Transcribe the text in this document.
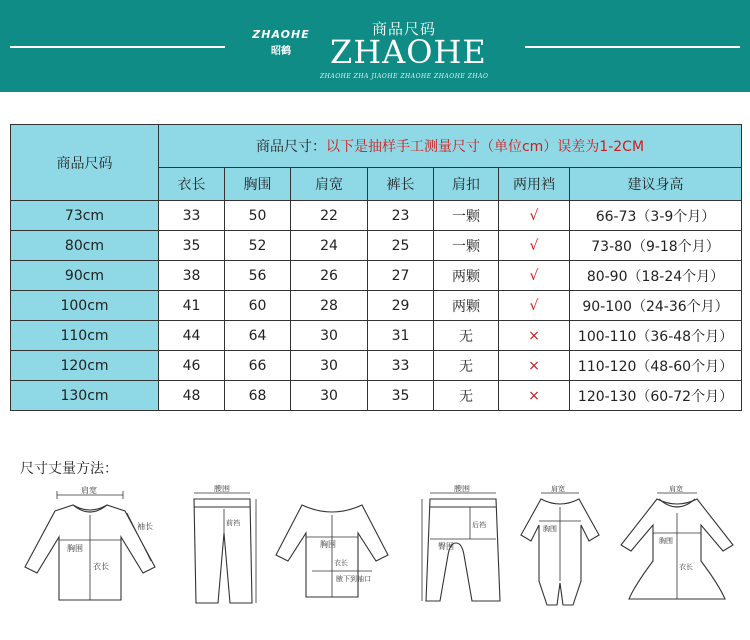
ZHAOHE
昭鹤
商品尺码
ZHAOHE
ZHAOHE ZHA JIAOHE ZHAOHE ZHAOHE ZHAO
商品尺码	商品尺寸：以下是抽样手工测量尺寸（单位cm）误差为1-2CM						
	衣长	胸围	肩宽	裤长	肩扣	两用裆	建议身高
73cm	33	50	22	23	一颗	√	66-73（3-9个月）
80cm	35	52	24	25	一颗	√	73-80（9-18个月）
90cm	38	56	26	27	两颗	√	80-90（18-24个月）
100cm	41	60	28	29	两颗	√	90-100（24-36个月）
110cm	44	64	30	31	无	×	100-110（36-48个月）
120cm	46	66	30	33	无	×	110-120（48-60个月）
130cm	48	68	30	35	无	×	120-130（60-72个月）
尺寸丈量方法：
肩宽
袖长
胸围
衣长
腰围
前裆
胸围
衣长
腋下到袖口
腰围
臀围
后裆
肩宽
胸围
肩宽
胸围
衣长
